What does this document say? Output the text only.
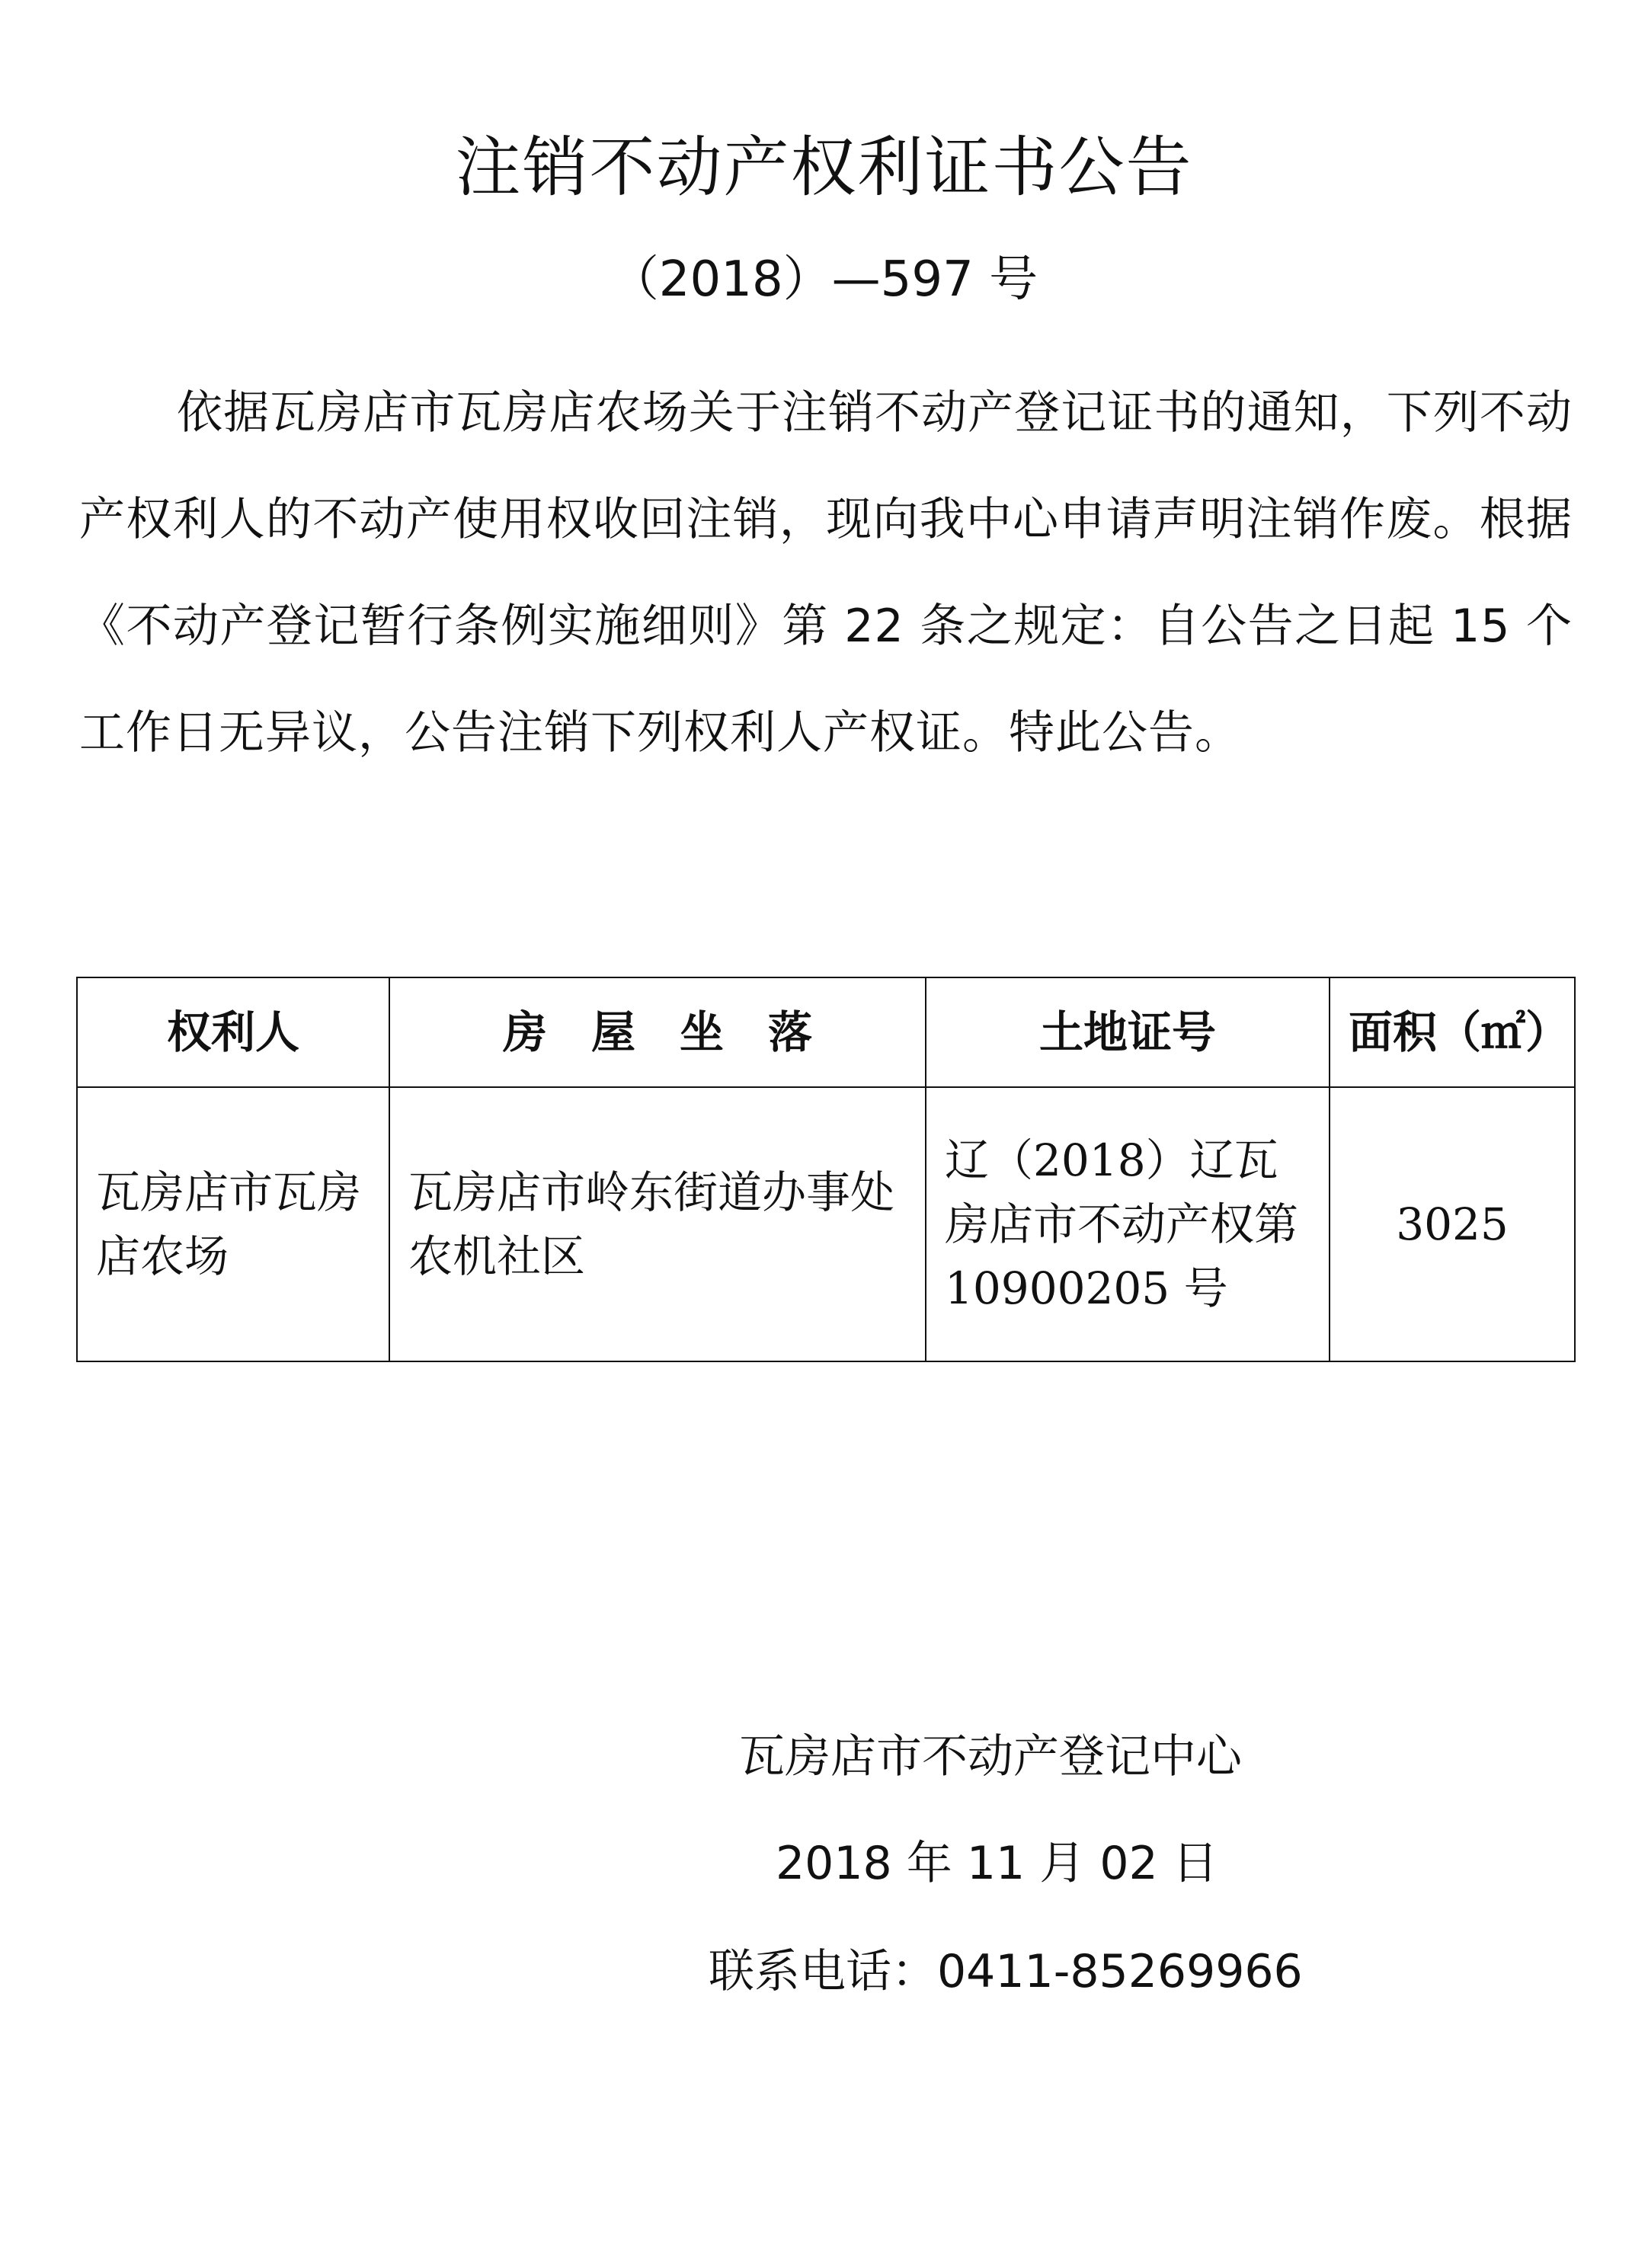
注销不动产权利证书公告
（2018）—597 号

依据瓦房店市瓦房店农场关于注销不动产登记证书的通知，下列不动产权利人的不动产使用权收回注销，现向我中心申请声明注销作废。根据《不动产登记暂行条例实施细则》第 22 条之规定：自公告之日起 15 个工作日无异议，公告注销下列权利人产权证。特此公告。

权利人	房　屋　坐　落	土地证号	面积（㎡）
瓦房店市瓦房店农场	瓦房店市岭东街道办事处农机社区	辽（2018）辽瓦房店市不动产权第 10900205 号	3025
瓦房店市不动产登记中心
2018 年 11 月 02 日
联系电话：0411-85269966
